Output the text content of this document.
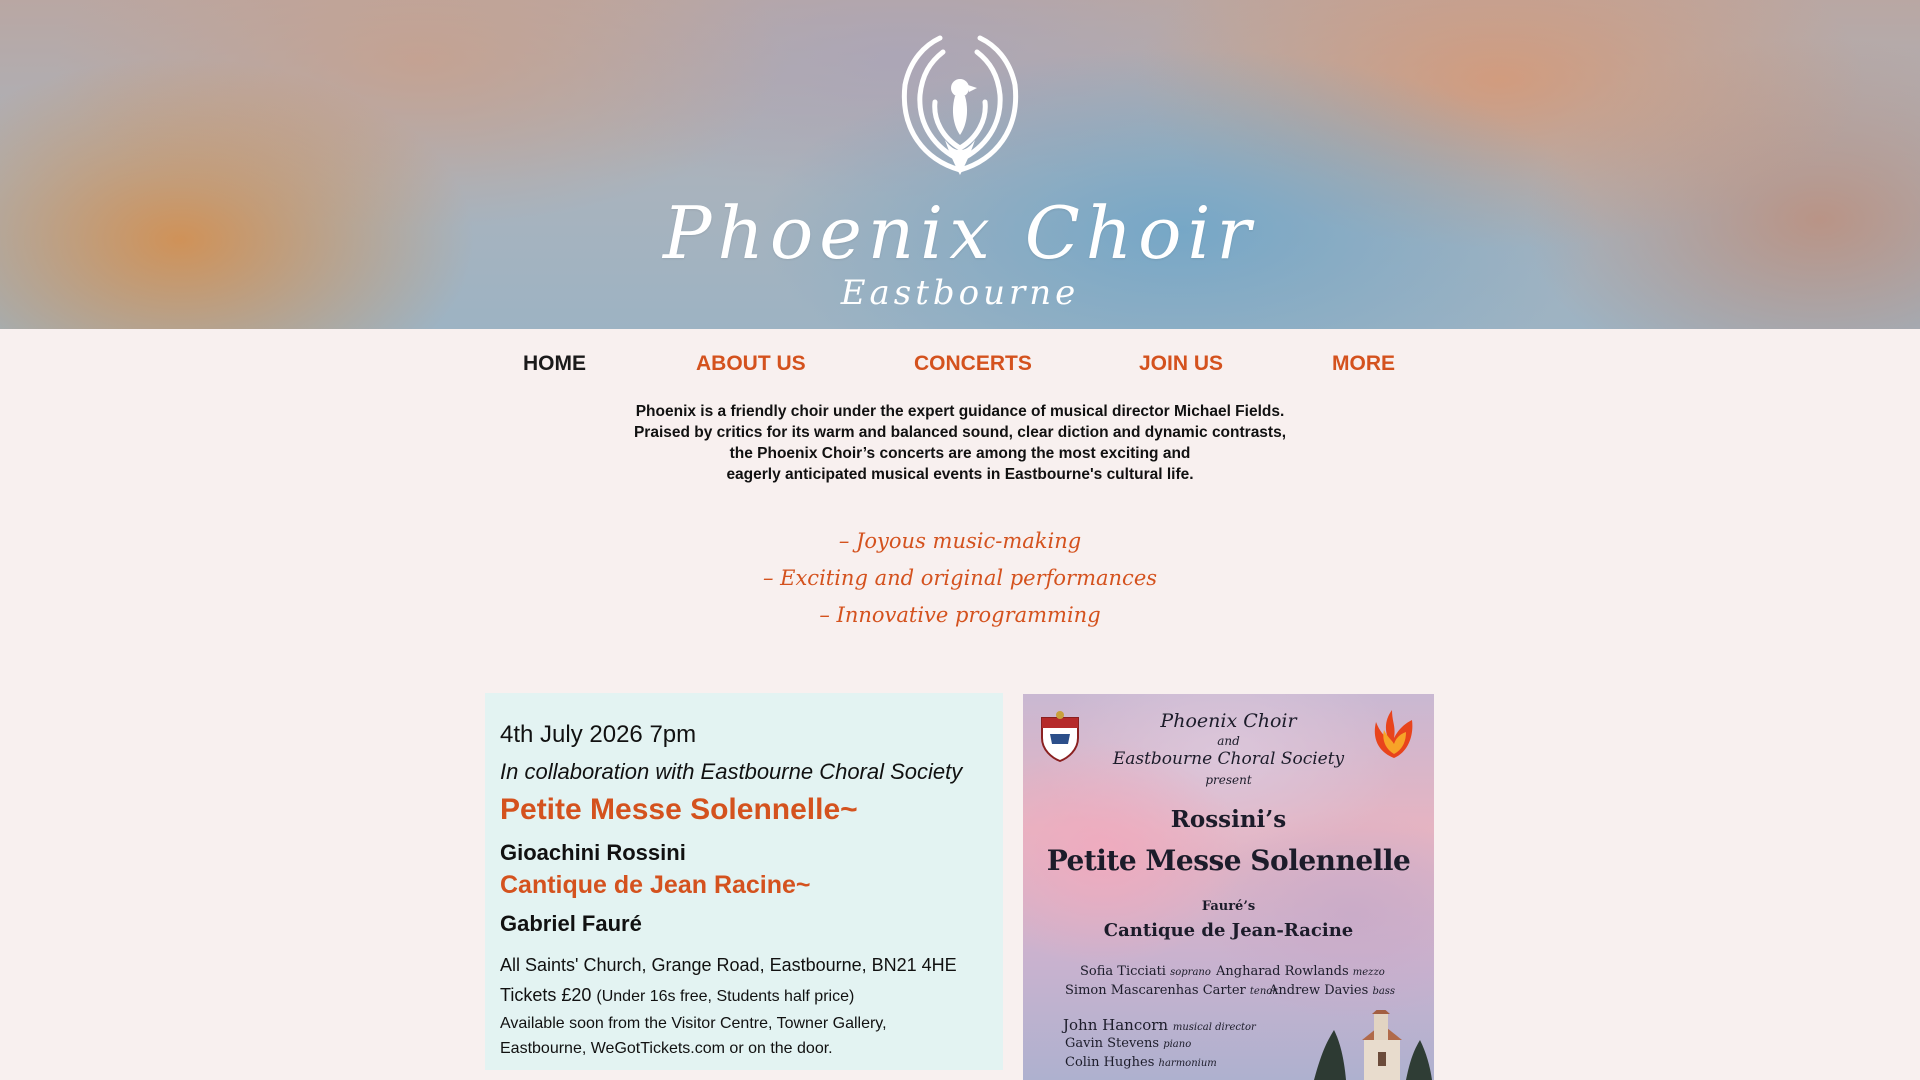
Phoenix Choir
Eastbourne
HOME	ABOUT US	CONCERTS	JOIN US	MORE

Phoenix is a friendly choir under the expert guidance of musical director Michael Fields.

Praised by critics for its warm and balanced sound, clear diction and dynamic contrasts,

the Phoenix Choir’s concerts are among the most exciting and

eagerly anticipated musical events in Eastbourne's cultural life.

– Joyous music-making

– Exciting and original performances

– Innovative programming

4th July 2026 7pm
In collaboration with Eastbourne Choral Society
Petite Messe Solennelle~
Gioachini Rossini
Cantique de Jean Racine~
Gabriel Fauré
All Saints' Church, Grange Road, Eastbourne, BN21 4HE
Tickets £20 (Under 16s free, Students half price)
Available soon from the Visitor Centre, Towner Gallery, Eastbourne, WeGotTickets.com or on the door.
Phoenix Choir
and
Eastbourne Choral Society
present
Rossini’s
Petite Messe Solennelle
Fauré’s
Cantique de Jean-Racine
Sofia Ticciati soprano Angharad Rowlands mezzo
Simon Mascarenhas Carter tenor
Andrew Davies bass
John Hancorn musical director
Gavin Stevens piano
Colin Hughes harmonium
